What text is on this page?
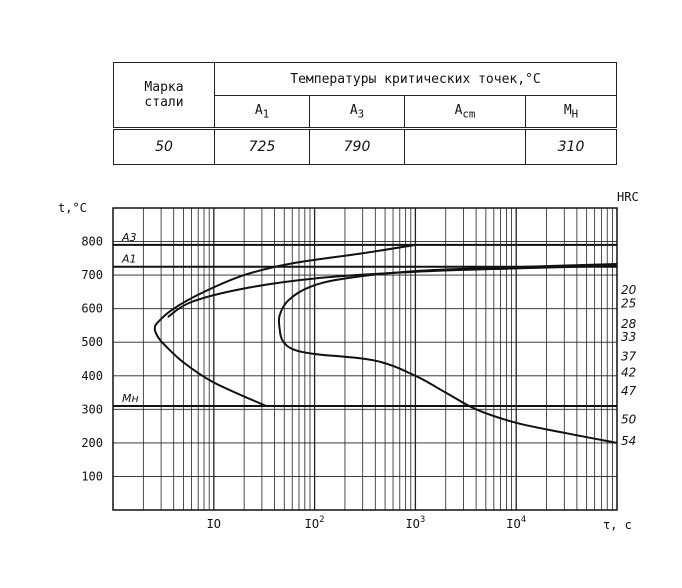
Марка
стали	Температуры критических точек,°С			
	$A_1$	$A_3$	$A_{cm}$	$M_Н$
50	725	790		310
A3
A1
Mн
100
200
300
400
500
600
700
800
IO	$IO^2$	$IO^3$	$IO^4$
20
25
28
33
37
42
47
50
54
t,°C
τ, c
HRC
